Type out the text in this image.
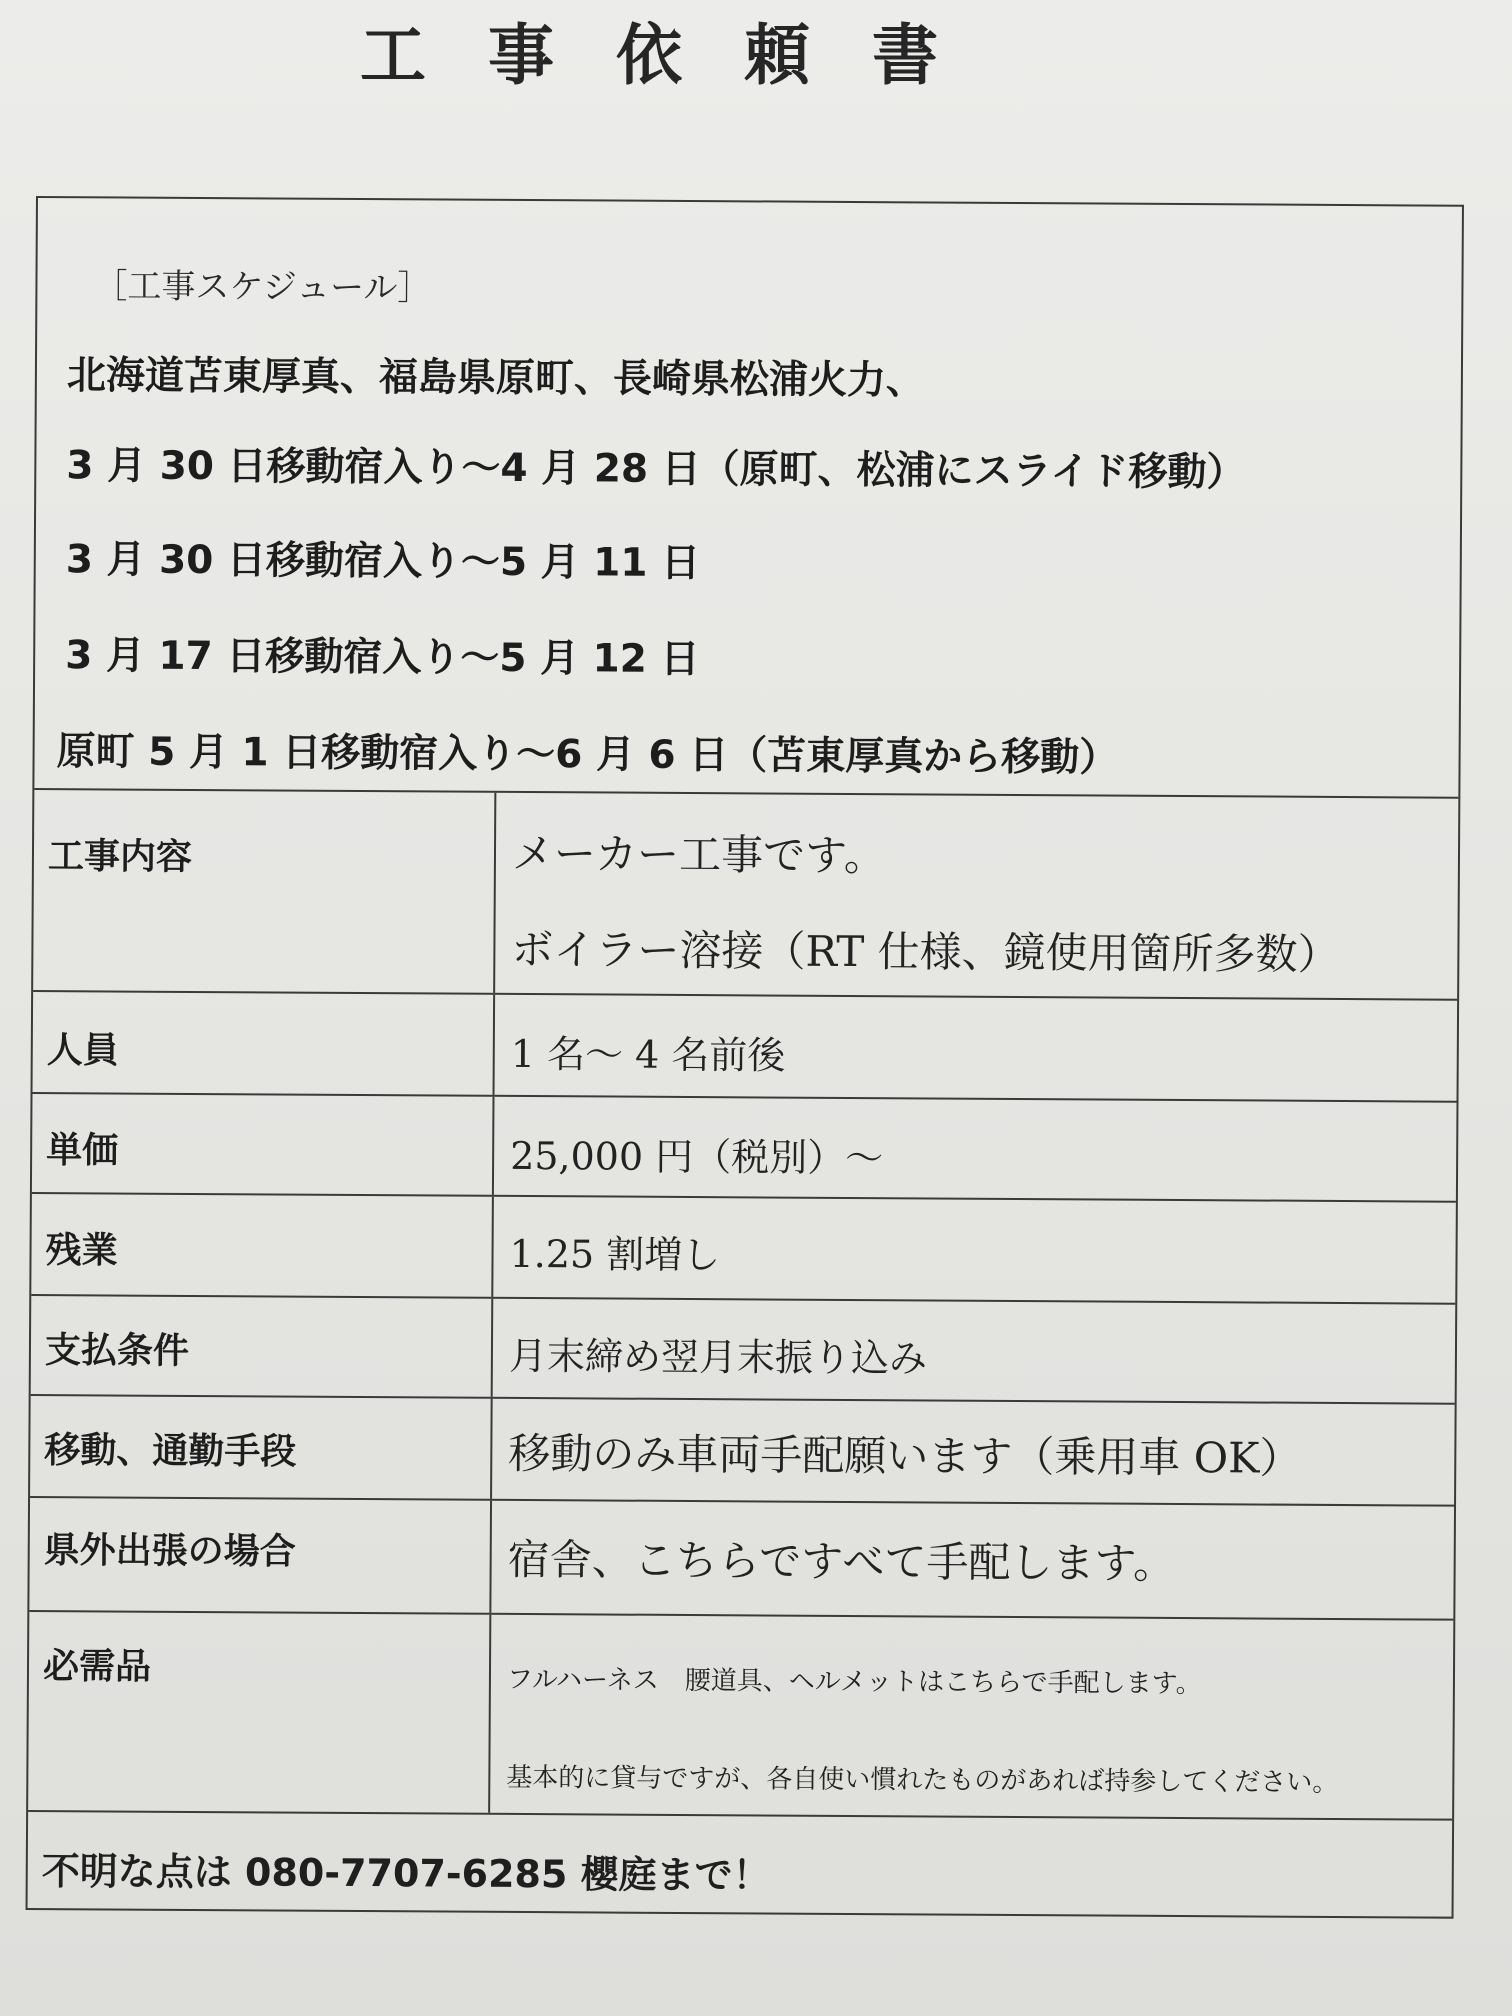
工事依頼書
［工事スケジュール］
北海道苫東厚真、福島県原町、長崎県松浦火力、
3 月 30 日移動宿入り～4 月 28 日（原町、松浦にスライド移動）
3 月 30 日移動宿入り～5 月 11 日
3 月 17 日移動宿入り～5 月 12 日
原町 5 月 1 日移動宿入り～6 月 6 日（苫東厚真から移動）
工事内容	メーカー工事です。
ボイラー溶接（RT 仕様、鏡使用箇所多数）
人員	1 名～ 4 名前後
単価	25,000 円（税別）～
残業	1.25 割増し
支払条件	月末締め翌月末振り込み
移動、通勤手段	移動のみ車両手配願います（乗用車 OK）
県外出張の場合	宿舎、こちらですべて手配します。
必需品	フルハーネス　腰道具、ヘルメットはこちらで手配します。
基本的に貸与ですが、各自使い慣れたものがあれば持参してください。
不明な点は 080-7707-6285 櫻庭まで！
